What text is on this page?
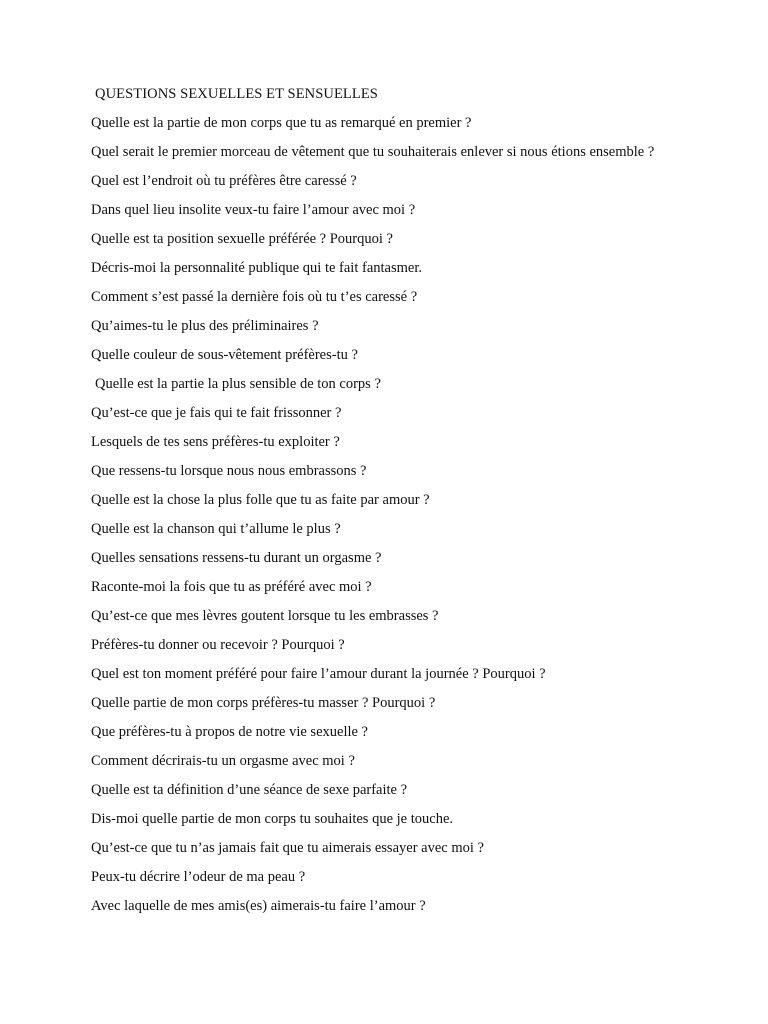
QUESTIONS SEXUELLES ET SENSUELLES
Quelle est la partie de mon corps que tu as remarqué en premier ?
Quel serait le premier morceau de vêtement que tu souhaiterais enlever si nous étions ensemble ?
Quel est l’endroit où tu préfères être caressé ?
Dans quel lieu insolite veux-tu faire l’amour avec moi ?
Quelle est ta position sexuelle préférée ? Pourquoi ?
Décris-moi la personnalité publique qui te fait fantasmer.
Comment s’est passé la dernière fois où tu t’es caressé ?
Qu’aimes-tu le plus des préliminaires ?
Quelle couleur de sous-vêtement préfères-tu ?
Quelle est la partie la plus sensible de ton corps ?
Qu’est-ce que je fais qui te fait frissonner ?
Lesquels de tes sens préfères-tu exploiter ?
Que ressens-tu lorsque nous nous embrassons ?
Quelle est la chose la plus folle que tu as faite par amour ?
Quelle est la chanson qui t’allume le plus ?
Quelles sensations ressens-tu durant un orgasme ?
Raconte-moi la fois que tu as préféré avec moi ?
Qu’est-ce que mes lèvres goutent lorsque tu les embrasses ?
Préfères-tu donner ou recevoir ? Pourquoi ?
Quel est ton moment préféré pour faire l’amour durant la journée ? Pourquoi ?
Quelle partie de mon corps préfères-tu masser ? Pourquoi ?
Que préfères-tu à propos de notre vie sexuelle ?
Comment décrirais-tu un orgasme avec moi ?
Quelle est ta définition d’une séance de sexe parfaite ?
Dis-moi quelle partie de mon corps tu souhaites que je touche.
Qu’est-ce que tu n’as jamais fait que tu aimerais essayer avec moi ?
Peux-tu décrire l’odeur de ma peau ?
Avec laquelle de mes amis(es) aimerais-tu faire l’amour ?
